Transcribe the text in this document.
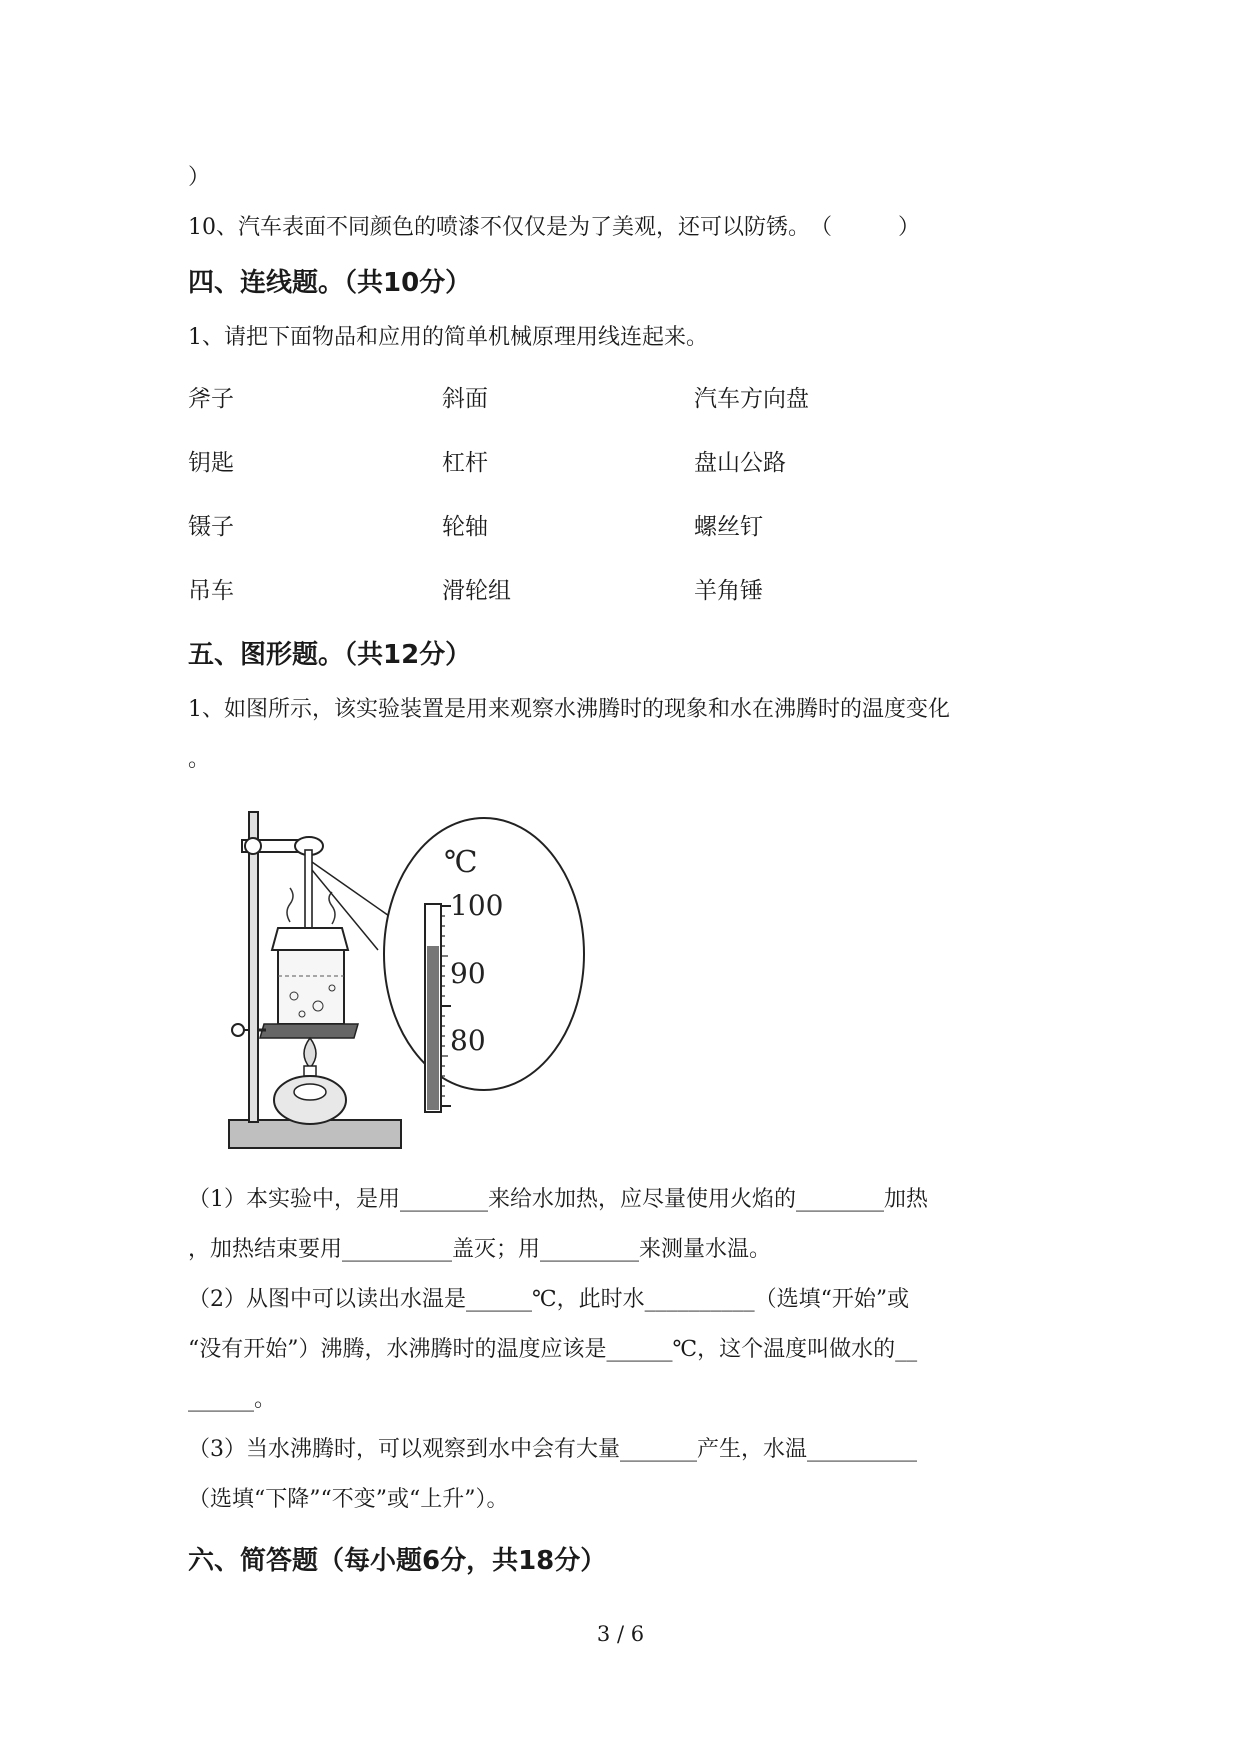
）
10、汽车表面不同颜色的喷漆不仅仅是为了美观，还可以防锈。　（　　　）
四、连线题。（共10分）
1、请把下面物品和应用的简单机械原理用线连起来。
斧子	斜面	汽车方向盘
钥匙	杠杆	盘山公路
镊子	轮轴	螺丝钉
吊车	滑轮组	羊角锤
五、图形题。（共12分）
1、如图所示，该实验装置是用来观察水沸腾时的现象和水在沸腾时的温度变化
。
℃
100
90
80
（1）本实验中，是用________来给水加热，应尽量使用火焰的________加热
，加热结束要用__________盖灭；用_________来测量水温。
（2）从图中可以读出水温是______℃，此时水__________（选填“开始”或
“没有开始”）沸腾，水沸腾时的温度应该是______℃，这个温度叫做水的__
______。
（3）当水沸腾时，可以观察到水中会有大量_______产生，水温__________
（选填“下降”“不变”或“上升”）。
六、简答题（每小题6分，共18分）
3 / 6
